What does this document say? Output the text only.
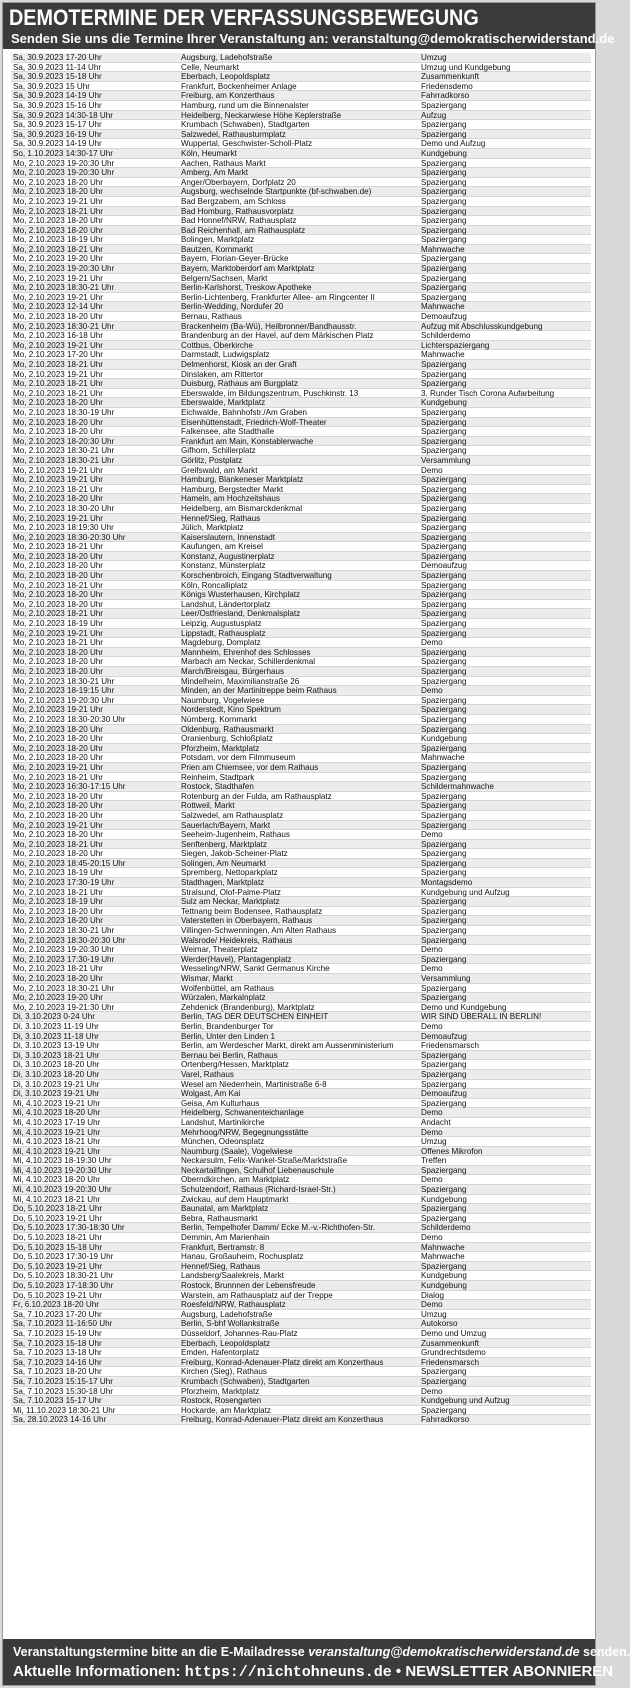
DEMOTERMINE DER VERFASSUNGSBEWEGUNG
Senden Sie uns die Termine Ihrer Veranstaltung an: veranstaltung@demokratischerwiderstand.de
Sa, 30.9.2023 17-20 Uhr	Augsburg, Ladehofstraße	Umzug
Sa, 30.9.2023 11-14 Uhr	Celle, Neumarkt	Umzug und Kundgebung
Sa, 30.9.2023 15-18 Uhr	Eberbach, Leopoldsplatz	Zusammenkunft
Sa, 30.9.2023 15 Uhr	Frankfurt, Bockenheimer Anlage	Friedensdemo
Sa, 30.9.2023 14-19 Uhr	Freiburg, am Konzerthaus	Fahrradkorso
Sa, 30.9.2023 15-16 Uhr	Hamburg, rund um die Binnenalster	Spaziergang
Sa, 30.9.2023 14:30-18 Uhr	Heidelberg, Neckarwiese Höhe Keplerstraße	Aufzug
Sa, 30.9.2023 15-17 Uhr	Krumbach (Schwaben), Stadtgarten	Spaziergang
Sa, 30.9.2023 16-19 Uhr	Salzwedel, Rathausturmplatz	Spaziergang
Sa, 30.9.2023 14-19 Uhr	Wuppertal, Geschwister-Scholl-Platz	Demo und Aufzug
So, 1.10.2023 14:30-17 Uhr	Köln, Heumarkt	Kundgebung
Mo, 2.10.2023 19-20:30 Uhr	Aachen, Rathaus Markt	Spaziergang
Mo, 2.10.2023 19-20:30 Uhr	Amberg, Am Markt	Spaziergang
Mo, 2.10.2023 18-20 Uhr	Anger/Oberbayern, Dorfplatz 20	Spaziergang
Mo, 2.10.2023 18-20 Uhr	Augsburg, wechselnde Startpunkte (bf-schwaben.de)	Spaziergang
Mo, 2.10.2023 19-21 Uhr	Bad Bergzabern, am Schloss	Spaziergang
Mo, 2.10.2023 18-21 Uhr	Bad Homburg, Rathausvorplatz	Spaziergang
Mo, 2.10.2023 18-20 Uhr	Bad Honnef/NRW, Rathausplatz	Spaziergang
Mo, 2.10.2023 18-20 Uhr	Bad Reichenhall, am Rathausplatz	Spaziergang
Mo, 2.10.2023 18-19 Uhr	Bolingen, Marktplatz	Spaziergang
Mo, 2.10.2023 18-21 Uhr	Bautzen, Kornmarkt	Mahnwache
Mo, 2.10.2023 19-20 Uhr	Bayern, Florian-Geyer-Brücke	Spaziergang
Mo, 2.10.2023 19-20:30 Uhr	Bayern, Marktoberdorf am Marktplatz	Spaziergang
Mo, 2.10.2023 19-21 Uhr	Belgern/Sachsen, Markt	Spaziergang
Mo, 2.10.2023 18:30-21 Uhr	Berlin-Karlshorst, Treskow Apotheke	Spaziergang
Mo, 2.10.2023 19-21 Uhr	Berlin-Lichtenberg, Frankfurter Allee- am Ringcenter II	Spaziergang
Mo, 2.10.2023 12-14 Uhr	Berlin-Wedding, Nordufer 20	Mahnwache
Mo, 2.10.2023 18-20 Uhr	Bernau, Rathaus	Demoaufzug
Mo, 2.10.2023 18:30-21 Uhr	Brackenheim (Ba-Wü), Heilbronner/Bandhausstr.	Aufzug mit Abschlusskundgebung
Mo, 2.10.2023 16-18 Uhr	Brandenburg an der Havel, auf dem Märkischen Platz	Schilderdemo
Mo, 2.10.2023 19-21 Uhr	Cottbus, Oberkirche	Lichterspaziergang
Mo, 2.10.2023 17-20 Uhr	Darmstadt, Ludwigsplatz	Mahnwache
Mo, 2.10.2023 18-21 Uhr	Delmenhorst, Kiosk an der Graft	Spaziergang
Mo, 2.10.2023 19-21 Uhr	Dinslaken, am Rittertor	Spaziergang
Mo, 2.10.2023 18-21 Uhr	Duisburg, Rathaus am Burgplatz	Spaziergang
Mo, 2.10.2023 18-21 Uhr	Eberswalde, im Bildungszentrum, Puschkinstr. 13	3. Runder Tisch Corona Aufarbeitung
Mo, 2.10.2023 18-20 Uhr	Eberswalde, Marktplatz	Kundgebung
Mo, 2.10.2023 18:30-19 Uhr	Eichwalde, Bahnhofstr./Am Graben	Spaziergang
Mo, 2.10.2023 18-20 Uhr	Eisenhüttenstadt, Friedrich-Wolf-Theater	Spaziergang
Mo, 2.10.2023 18-20 Uhr	Falkensee, alte Stadthalle	Spaziergang
Mo, 2.10.2023 18-20:30 Uhr	Frankfurt am Main, Konstablerwache	Spaziergang
Mo, 2.10.2023 18:30-21 Uhr	Gifhorn, Schillerplatz	Spaziergang
Mo, 2.10.2023 18:30-21 Uhr	Görlitz, Postplatz	Versammlung
Mo, 2.10.2023 19-21 Uhr	Greifswald, am Markt	Demo
Mo, 2.10.2023 19-21 Uhr	Hamburg, Blankeneser Marktplatz	Spaziergang
Mo, 2.10.2023 18-21 Uhr	Hamburg, Bergstedter Markt	Spaziergang
Mo, 2.10.2023 18-20 Uhr	Hameln, am Hochzeitshaus	Spaziergang
Mo, 2.10.2023 18:30-20 Uhr	Heidelberg, am Bismarckdenkmal	Spaziergang
Mo, 2.10.2023 19-21 Uhr	Hennef/Sieg, Rathaus	Spaziergang
Mo, 2.10.2023 18:19:30 Uhr	Jülich, Marktplatz	Spaziergang
Mo, 2.10.2023 18:30-20:30 Uhr	Kaiserslautern, Innenstadt	Spaziergang
Mo, 2.10.2023 18-21 Uhr	Kaufungen, am Kreisel	Spaziergang
Mo, 2.10.2023 18-20 Uhr	Konstanz, Augustinerplatz	Spaziergang
Mo, 2.10.2023 18-20 Uhr	Konstanz, Münsterplatz	Demoaufzug
Mo, 2.10.2023 18-20 Uhr	Korschenbroich, Eingang Stadtverwaltung	Spaziergang
Mo, 2.10.2023 18-21 Uhr	Köln, Roncalliplatz	Spaziergang
Mo, 2.10.2023 18-20 Uhr	Königs Wusterhausen, Kirchplatz	Spaziergang
Mo, 2.10.2023 18-20 Uhr	Landshut, Ländertorplatz	Spaziergang
Mo, 2.10.2023 18-21 Uhr	Leer/Ostfriesland, Denkmalsplatz	Spaziergang
Mo, 2.10.2023 18-19 Uhr	Leipzig, Augustusplatz	Spaziergang
Mo, 2.10.2023 19-21 Uhr	Lippstadt, Rathausplatz	Spaziergang
Mo, 2.10.2023 18-21 Uhr	Magdeburg, Domplatz	Demo
Mo, 2.10.2023 18-20 Uhr	Mannheim, Ehrenhof des Schlosses	Spaziergang
Mo, 2.10.2023 18-20 Uhr	Marbach am Neckar, Schillerdenkmal	Spaziergang
Mo, 2.10.2023 18-20 Uhr	March/Breisgau, Bürgerhaus	Spaziergang
Mo, 2.10.2023 18:30-21 Uhr	Mindelheim, Maximilianstraße 26	Spaziergang
Mo, 2.10.2023 18-19:15 Uhr	Minden, an der Martinitreppe beim Rathaus	Demo
Mo, 2.10.2023 19-20:30 Uhr	Naumburg, Vogelwiese	Spaziergang
Mo, 2.10.2023 19-21 Uhr	Norderstedt, Kino Spektrum	Spaziergang
Mo, 2.10.2023 18:30-20:30 Uhr	Nürnberg, Kornmarkt	Spaziergang
Mo, 2.10.2023 18-20 Uhr	Oldenburg, Rathausmarkt	Spaziergang
Mo, 2.10.2023 18-20 Uhr	Oranienburg, Schloßplatz	Kundgebung
Mo, 2.10.2023 18-20 Uhr	Pforzheim, Marktplatz	Spaziergang
Mo, 2.10.2023 18-20 Uhr	Potsdam, vor dem Filmmuseum	Mahnwache
Mo, 2.10.2023 19-21 Uhr	Prien am Chiemsee, vor dem Rathaus	Spaziergang
Mo, 2.10.2023 18-21 Uhr	Reinheim, Stadtpark	Spaziergang
Mo, 2.10.2023 16:30-17:15 Uhr	Rostock, Stadthafen	Schildermahnwache
Mo, 2.10.2023 18-20 Uhr	Rotenburg an der Fulda, am Rathausplatz	Spaziergang
Mo, 2.10.2023 18-20 Uhr	Rottweil, Markt	Spaziergang
Mo, 2.10.2023 18-20 Uhr	Salzwedel, am Rathausplatz	Spaziergang
Mo, 2.10.2023 19-21 Uhr	Sauerlach/Bayern, Markt	Spaziergang
Mo, 2.10.2023 18-20 Uhr	Seeheim-Jugenheim, Rathaus	Demo
Mo, 2.10.2023 18-21 Uhr	Senftenberg, Marktplatz	Spaziergang
Mo, 2.10.2023 18-20 Uhr	Siegen, Jakob-Scheiner-Platz	Spaziergang
Mo, 2.10.2023 18:45-20:15 Uhr	Solingen, Am Neumarkt	Spaziergang
Mo, 2.10.2023 18-19 Uhr	Spremberg, Nettoparkplatz	Spaziergang
Mo, 2.10.2023 17:30-19 Uhr	Stadthagen, Marktplatz	Montagsdemo
Mo, 2.10.2023 18-21 Uhr	Stralsund, Olof-Palme-Platz	Kundgebung und Aufzug
Mo, 2.10.2023 18-19 Uhr	Sulz am Neckar, Marktplatz	Spaziergang
Mo, 2.10.2023 18-20 Uhr	Tettnang beim Bodensee, Rathausplatz	Spaziergang
Mo, 2.10.2023 18-20 Uhr	Vaterstetten in Oberbayern, Rathaus	Spaziergang
Mo, 2.10.2023 18:30-21 Uhr	Villingen-Schwenningen, Am Alten Rathaus	Spaziergang
Mo, 2.10.2023 18:30-20:30 Uhr	Walsrode/ Heidekreis, Rathaus	Spaziergang
Mo, 2.10.2023 19-20:30 Uhr	Weimar, Theaterplatz	Demo
Mo, 2.10.2023 17:30-19 Uhr	Werder(Havel), Plantagenplatz	Spaziergang
Mo, 2.10.2023 18-21 Uhr	Wesseling/NRW, Sankt Germanus Kirche	Demo
Mo, 2.10.2023 18-20 Uhr	Wismar, Markt	Versammlung
Mo, 2.10.2023 18:30-21 Uhr	Wolfenbüttel, am Rathaus	Spaziergang
Mo, 2.10.2023 19-20 Uhr	Würzalen, Markalnplatz	Spaziergang
Mo, 2.10.2023 19-21:30 Uhr	Zehdenick (Brandenburg), Marktplatz	Demo und Kundgebung
Di, 3.10.2023 0-24 Uhr	Berlin, TAG DER DEUTSCHEN EINHEIT	WIR SIND ÜBERALL IN BERLIN!
Di, 3.10.2023 11-19 Uhr	Berlin, Brandenburger Tor	Demo
Di, 3.10.2023 11-18 Uhr	Berlin, Unter den Linden 1	Demoaufzug
Di, 3.10.2023 13-19 Uhr	Berlin, am Werdescher Markt, direkt am Aussenministerium	Friedensmarsch
Di, 3.10.2023 18-21 Uhr	Bernau bei Berlin, Rathaus	Spaziergang
Di, 3.10.2023 18-20 Uhr	Ortenberg/Hessen, Marktplatz	Spaziergang
Di, 3.10.2023 18-20 Uhr	Varel, Rathaus	Spaziergang
Di, 3.10.2023 19-21 Uhr	Wesel am Niederrhein, Martinistraße 6-8	Spaziergang
Di, 3.10.2023 19-21 Uhr	Wolgast, Am Kai	Demoaufzug
Mi, 4.10.2023 19-21 Uhr	Geisa, Am Kulturhaus	Spaziergang
Mi, 4.10.2023 18-20 Uhr	Heidelberg, Schwanenteichanlage	Demo
Mi, 4.10.2023 17-19 Uhr	Landshut, Martinikirche	Andacht
Mi, 4.10.2023 19-21 Uhr	Mehrhoog/NRW, Begegnungsstätte	Demo
Mi, 4.10.2023 18-21 Uhr	München, Odeonsplatz	Umzug
Mi, 4.10.2023 19-21 Uhr	Naumburg (Saale), Vogelwiese	Offenes Mikrofon
Mi, 4.10.2023 18-19:30 Uhr	Neckarsulm, Felix-Wankel-Straße/Marktstraße	Treffen
Mi, 4.10.2023 19-20:30 Uhr	Neckartailfingen, Schulhof Liebenauschule	Spaziergang
Mi, 4.10.2023 18-20 Uhr	Oberndkirchen, am Marktplatz	Demo
Mi, 4.10.2023 19-20:30 Uhr	Schulzendorf, Rathaus (Richard-Israel-Str.)	Spaziergang
Mi, 4.10.2023 18-21 Uhr	Zwickau, auf dem Hauptmarkt	Kundgebung
Do, 5.10.2023 18-21 Uhr	Baunatal, am Marktplatz	Spaziergang
Do, 5.10.2023 19-21 Uhr	Bebra, Rathausmarkt	Spaziergang
Do, 5.10.2023 17:30-18:30 Uhr	Berlin, Tempelhofer Damm/ Ecke M.-v.-Richthofen-Str.	Schilderdemo
Do, 5.10.2023 18-21 Uhr	Demmin, Am Marienhain	Demo
Do, 5.10.2023 15-18 Uhr	Frankfurt, Bertramstr. 8	Mahnwache
Do, 5.10.2023 17:30-19 Uhr	Hanau, Großauheim, Rochusplatz	Mahnwache
Do, 5.10.2023 19-21 Uhr	Hennef/Sieg, Rathaus	Spaziergang
Do, 5.10.2023 18:30-21 Uhr	Landsberg/Saalekreis, Markt	Kundgebung
Do, 5.10.2023 17-18:30 Uhr	Rostock, Brunnnen der Lebensfreude	Kundgebung
Do, 5.10.2023 19-21 Uhr	Warstein, am Rathausplatz auf der Treppe	Dialog
Fr, 6.10.2023 18-20 Uhr	Roesfeld/NRW, Rathausplatz	Demo
Sa, 7.10.2023 17-20 Uhr	Augsburg, Ladehofstraße	Umzug
Sa, 7.10.2023 11-16:50 Uhr	Berlin, S-bhf Wollankstraße	Autokorso
Sa, 7.10.2023 15-19 Uhr	Düsseldorf, Johannes-Rau-Platz	Demo und Umzug
Sa, 7.10.2023 15-18 Uhr	Eberbach, Leopoldsplatz	Zusammenkunft
Sa, 7.10.2023 13-18 Uhr	Emden, Hafentorplatz	Grundrechtsdemo
Sa, 7.10.2023 14-16 Uhr	Freiburg, Konrad-Adenauer-Platz direkt am Konzerthaus	Friedensmarsch
Sa, 7.10.2023 18-20 Uhr	Kirchen (Sieg), Rathaus	Spaziergang
Sa, 7.10.2023 15:15-17 Uhr	Krumbach (Schwaben), Stadtgarten	Spaziergang
Sa, 7.10.2023 15:30-18 Uhr	Pforzheim, Marktplatz	Demo
Sa, 7.10.2023 15-17 Uhr	Rostock, Rosengarten	Kundgebung und Aufzug
Mi, 11.10.2023 18:30-21 Uhr	Hockarde, am Marktplatz	Spaziergang
Sa, 28.10.2023 14-16 Uhr	Freiburg, Konrad-Adenauer-Platz direkt am Konzerthaus	Fahrradkorso
Veranstaltungstermine bitte an die E-Mailadresse veranstaltung@demokratischerwiderstand.de senden.
Aktuelle Informationen: https://nichtohneuns.de • NEWSLETTER ABONNIEREN
